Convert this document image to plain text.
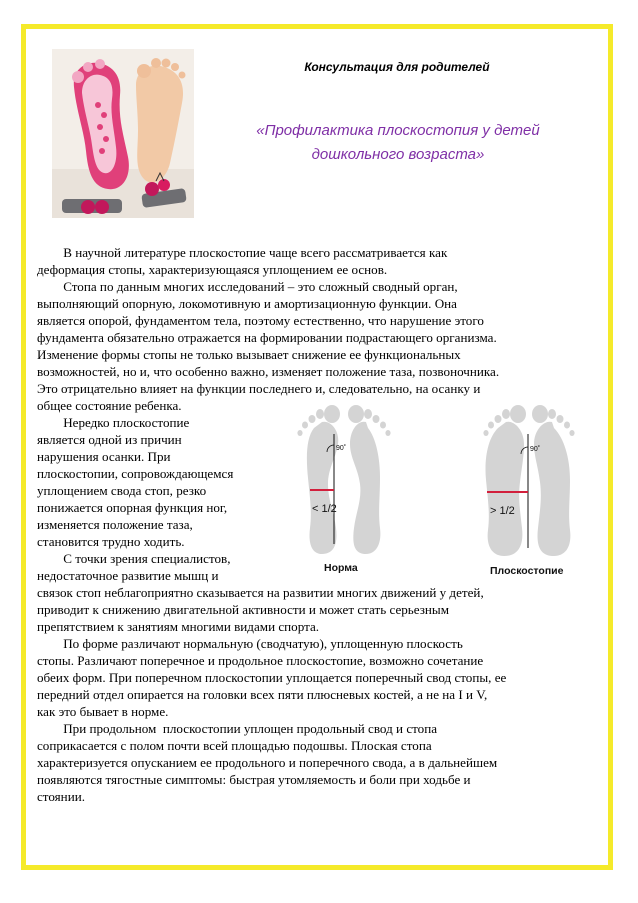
Консультация для родителей
«Профилактика плоскостопия у детей
дошкольного возраста»

В научной литературе плоскостопие чаще всего рассматривается как

деформация стопы, характеризующаяся уплощением ее основ.

Стопа по данным многих исследований – это сложный сводный орган,

выполняющий опорную, локомотивную и амортизационную функции. Она

является опорой, фундаментом тела, поэтому естественно, что нарушение этого

фундамента обязательно отражается на формировании подрастающего организма.

Изменение формы стопы не только вызывает снижение ее функциональных

возможностей, но и, что особенно важно, изменяет положение таза, позвоночника.

Это отрицательно влияет на функции последнего и, следовательно, на осанку и

общее состояние ребенка.

Нередко плоскостопие

является одной из причин

нарушения осанки. При

плоскостопии, сопровождающемся

уплощением свода стоп, резко

понижается опорная функция ног,

изменяется положение таза,

становится трудно ходить.

С точки зрения специалистов,

недостаточное развитие мышц и

связок стоп неблагоприятно сказывается на развитии многих движений у детей,

приводит к снижению двигательной активности и может стать серьезным

препятствием к занятиям многими видами спорта.

По форме различают нормальную (сводчатую), уплощенную плоскость

стопы. Различают поперечное и продольное плоскостопие, возможно сочетание

обеих форм. При поперечном плоскостопии уплощается поперечный свод стопы, ее

передний отдел опирается на головки всех пяти плюсневых костей, а не на I и V,

как это бывает в норме.

При продольном  плоскостопии уплощен продольный свод и стопа

соприкасается с полом почти всей площадью подошвы. Плоская стопа

характеризуется опусканием ее продольного и поперечного свода, а в дальнейшем

появляются тягостные симптомы: быстрая утомляемость и боли при ходьбе и

стоянии.

90˚
< 1/2
Норма
90˚
> 1/2
Плоскостопие
